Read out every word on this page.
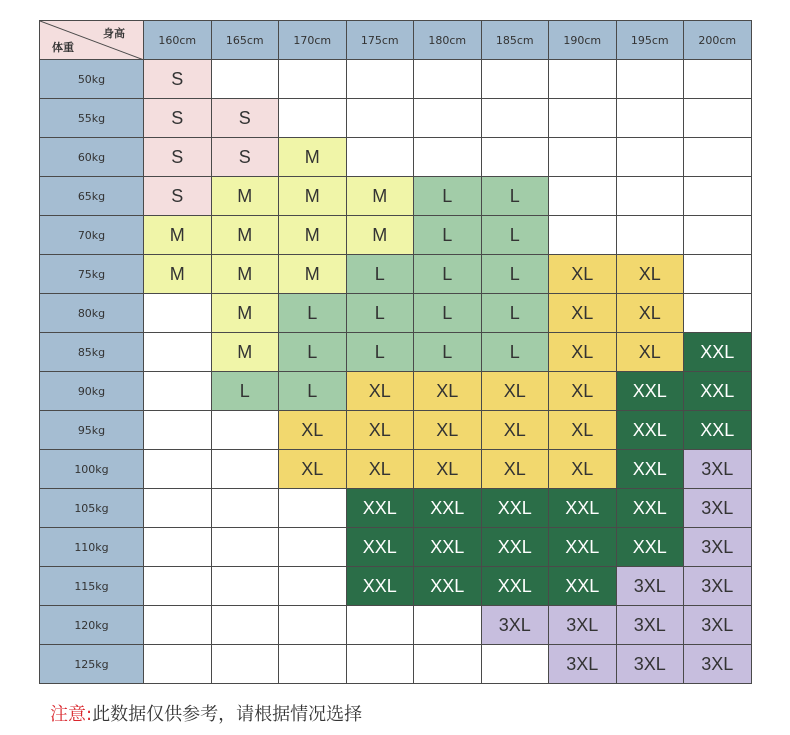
身高
体重	160cm	165cm	170cm	175cm	180cm	185cm	190cm	195cm	200cm
50kg	S								
55kg	S	S							
60kg	S	S	M						
65kg	S	M	M	M	L	L			
70kg	M	M	M	M	L	L			
75kg	M	M	M	L	L	L	XL	XL	
80kg		M	L	L	L	L	XL	XL	
85kg		M	L	L	L	L	XL	XL	XXL
90kg		L	L	XL	XL	XL	XL	XXL	XXL
95kg			XL	XL	XL	XL	XL	XXL	XXL
100kg			XL	XL	XL	XL	XL	XXL	3XL
105kg				XXL	XXL	XXL	XXL	XXL	3XL
110kg				XXL	XXL	XXL	XXL	XXL	3XL
115kg				XXL	XXL	XXL	XXL	3XL	3XL
120kg						3XL	3XL	3XL	3XL
125kg							3XL	3XL	3XL
注意:此数据仅供参考，请根据情况选择
